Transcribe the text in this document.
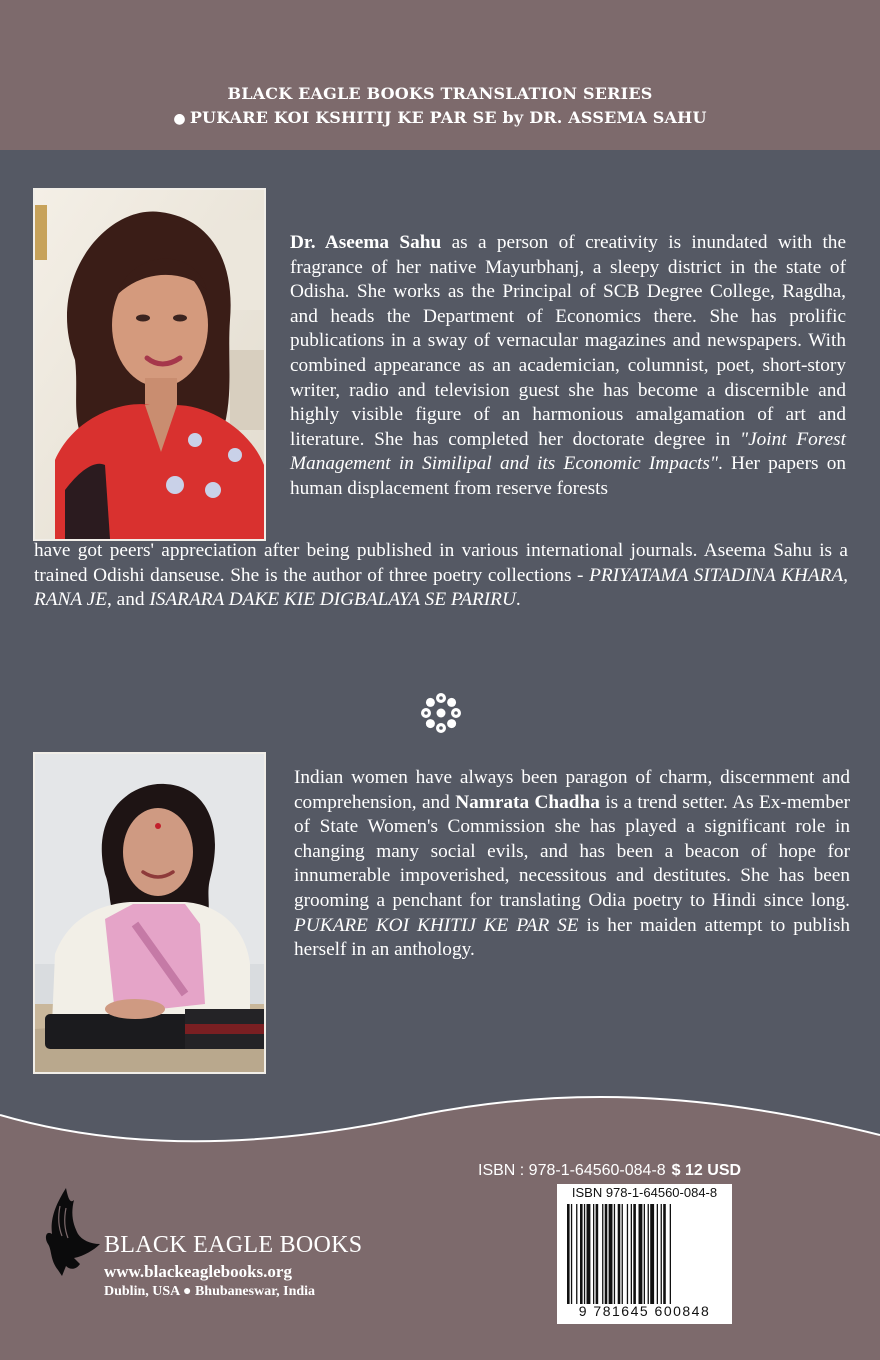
BLACK EAGLE BOOKS TRANSLATION SERIES
● PUKARE KOI KSHITIJ KE PAR SE by DR. ASSEMA SAHU
Dr. Aseema Sahu as a person of creativity is inundated with the fragrance of her native Mayurbhanj, a sleepy district in the state of Odisha. She works as the Principal of SCB Degree College, Ragdha, and heads the Department of Economics there. She has prolific publications in a sway of vernacular magazines and newspapers. With combined appearance as an academician, columnist, poet, short-story writer, radio and television guest she has become a discernible and highly visible figure of an harmonious amalgamation of art and literature. She has completed her doctorate degree in "Joint Forest Management in Similipal and its Economic Impacts". Her papers on human displacement from reserve forests
have got peers' appreciation after being published in various international journals. Aseema Sahu is a trained Odishi danseuse. She is the author of three poetry collections - PRIYATAMA SITADINA KHARA, RANA JE, and ISARARA DAKE KIE DIGBALAYA SE PARIRU.
Indian women have always been paragon of charm, discernment and comprehension, and Namrata Chadha is a trend setter. As Ex-member of State Women's Commission she has played a significant role in changing many social evils, and has been a beacon of hope for innumerable impoverished, necessitous and destitutes. She has been grooming a penchant for translating Odia poetry to Hindi since long. PUKARE KOI KHITIJ KE PAR SE is her maiden attempt to publish herself in an anthology.
ISBN : 978-1-64560-084-8 $ 12 USD
ISBN 978-1-64560-084-8
9 781645 600848
BLACK EAGLE BOOKS
www.blackeaglebooks.org
Dublin, USA ● Bhubaneswar, India
